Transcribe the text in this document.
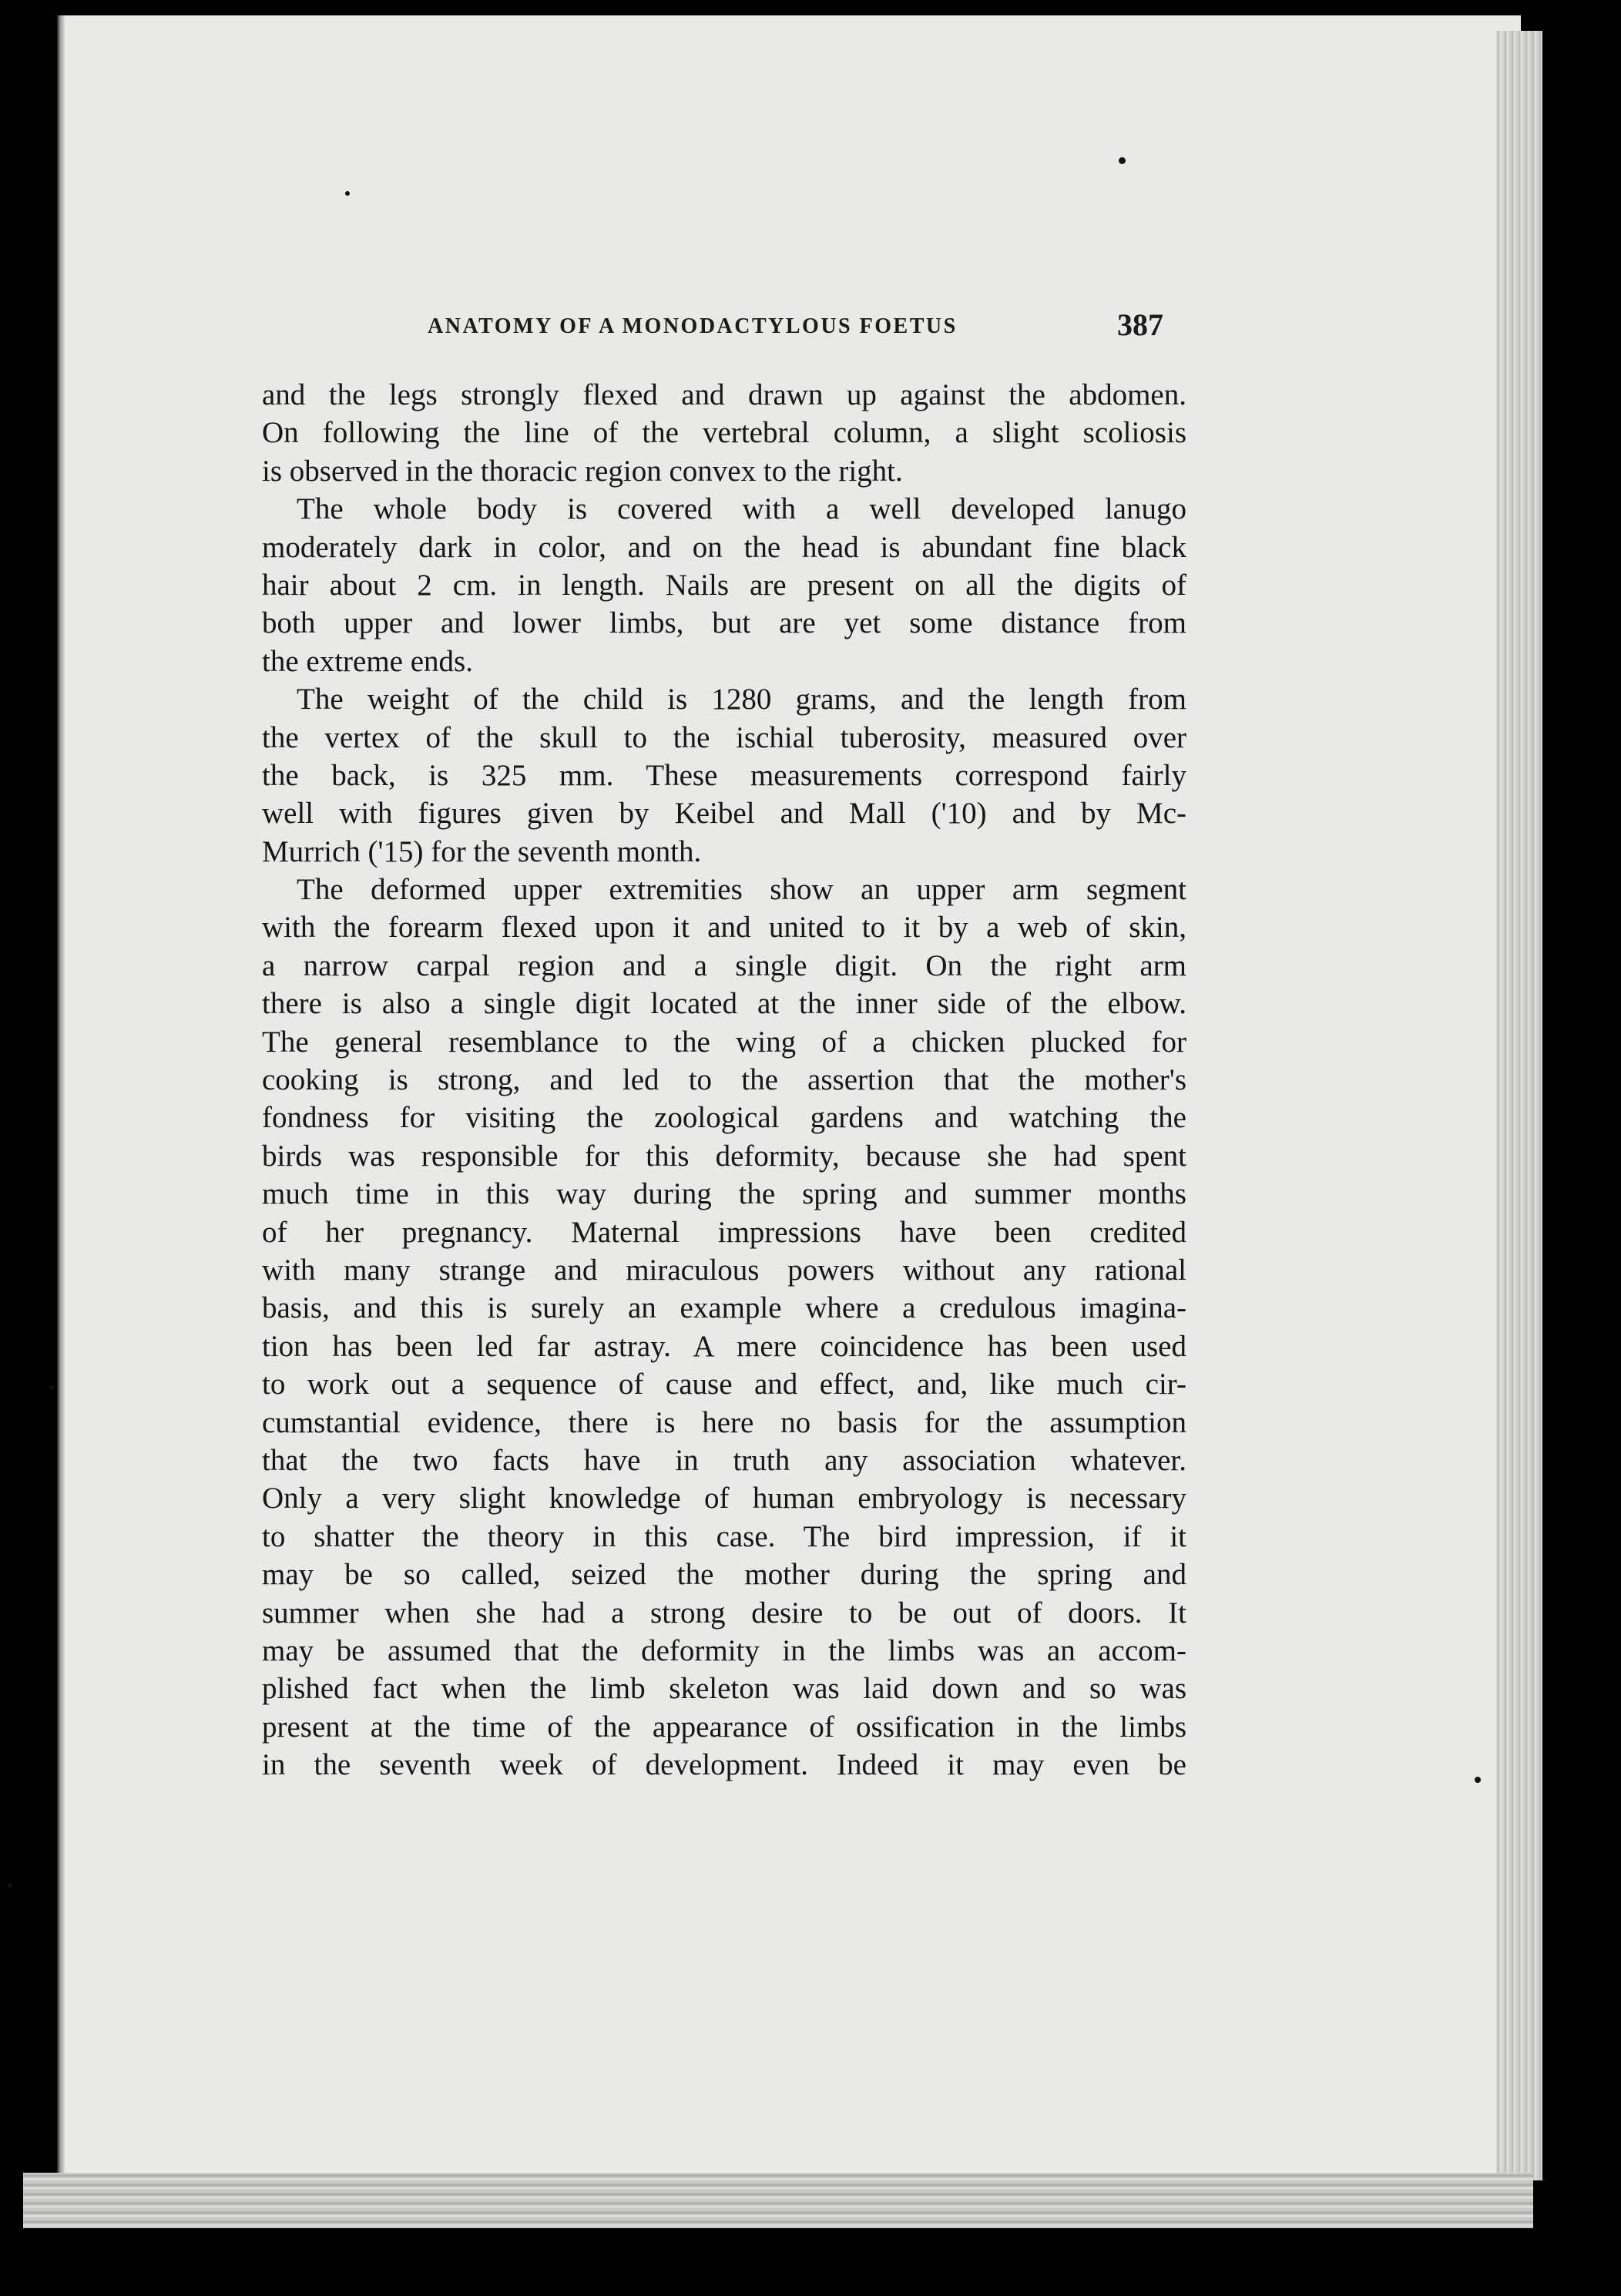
ANATOMY OF A MONODACTYLOUS FOETUS	387
and the legs strongly flexed and drawn up against the abdomen.
On following the line of the vertebral column, a slight scoliosis
is observed in the thoracic region convex to the right.
The whole body is covered with a well developed lanugo
moderately dark in color, and on the head is abundant fine black
hair about 2 cm. in length. Nails are present on all the digits of
both upper and lower limbs, but are yet some distance from
the extreme ends.
The weight of the child is 1280 grams, and the length from
the vertex of the skull to the ischial tuberosity, measured over
the back, is 325 mm. These measurements correspond fairly
well with figures given by Keibel and Mall ('10) and by Mc-
Murrich ('15) for the seventh month.
The deformed upper extremities show an upper arm segment
with the forearm flexed upon it and united to it by a web of skin,
a narrow carpal region and a single digit. On the right arm
there is also a single digit located at the inner side of the elbow.
The general resemblance to the wing of a chicken plucked for
cooking is strong, and led to the assertion that the mother's
fondness for visiting the zoological gardens and watching the
birds was responsible for this deformity, because she had spent
much time in this way during the spring and summer months
of her pregnancy. Maternal impressions have been credited
with many strange and miraculous powers without any rational
basis, and this is surely an example where a credulous imagina-
tion has been led far astray. A mere coincidence has been used
to work out a sequence of cause and effect, and, like much cir-
cumstantial evidence, there is here no basis for the assumption
that the two facts have in truth any association whatever.
Only a very slight knowledge of human embryology is necessary
to shatter the theory in this case. The bird impression, if it
may be so called, seized the mother during the spring and
summer when she had a strong desire to be out of doors. It
may be assumed that the deformity in the limbs was an accom-
plished fact when the limb skeleton was laid down and so was
present at the time of the appearance of ossification in the limbs
in the seventh week of development. Indeed it may even be
